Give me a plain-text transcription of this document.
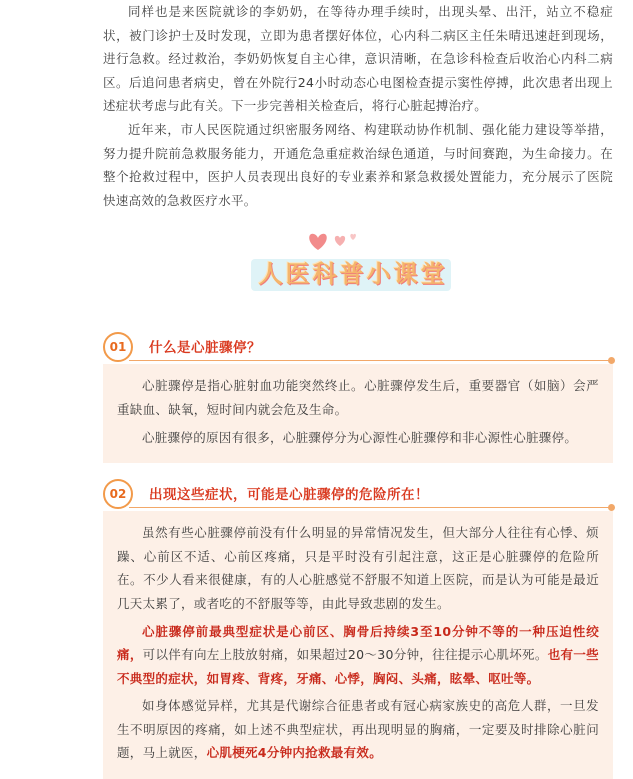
同样也是来医院就诊的李奶奶，在等待办理手续时，出现头晕、出汗，站立不稳症状，被门诊护士及时发现，立即为患者摆好体位，心内科二病区主任朱晴迅速赶到现场，进行急救。经过救治，李奶奶恢复自主心律，意识清晰，在急诊科检查后收治心内科二病区。后追问患者病史，曾在外院行24小时动态心电图检查提示窦性停搏，此次患者出现上述症状考虑与此有关。下一步完善相关检查后，将行心脏起搏治疗。

近年来，市人民医院通过织密服务网络、构建联动协作机制、强化能力建设等举措，努力提升院前急救服务能力，开通危急重症救治绿色通道，与时间赛跑，为生命接力。在整个抢救过程中，医护人员表现出良好的专业素养和紧急救援处置能力，充分展示了医院快速高效的急救医疗水平。

人医科普小课堂
01	什么是心脏骤停？

心脏骤停是指心脏射血功能突然终止。心脏骤停发生后，重要器官（如脑）会严重缺血、缺氧，短时间内就会危及生命。

心脏骤停的原因有很多，心脏骤停分为心源性心脏骤停和非心源性心脏骤停。

02	出现这些症状，可能是心脏骤停的危险所在！

虽然有些心脏骤停前没有什么明显的异常情况发生，但大部分人往往有心悸、烦躁、心前区不适、心前区疼痛，只是平时没有引起注意，这正是心脏骤停的危险所在。不少人看来很健康，有的人心脏感觉不舒服不知道上医院，而是认为可能是最近几天太累了，或者吃的不舒服等等，由此导致悲剧的发生。

心脏骤停前最典型症状是心前区、胸骨后持续3至10分钟不等的一种压迫性绞痛，可以伴有向左上肢放射痛，如果超过20～30分钟，往往提示心肌坏死。也有一些不典型的症状，如胃疼、背疼，牙痛、心悸，胸闷、头痛，眩晕、呕吐等。

如身体感觉异样，尤其是代谢综合征患者或有冠心病家族史的高危人群，一旦发生不明原因的疼痛，如上述不典型症状，再出现明显的胸痛，一定要及时排除心脏问题，马上就医，心肌梗死4分钟内抢救最有效。
